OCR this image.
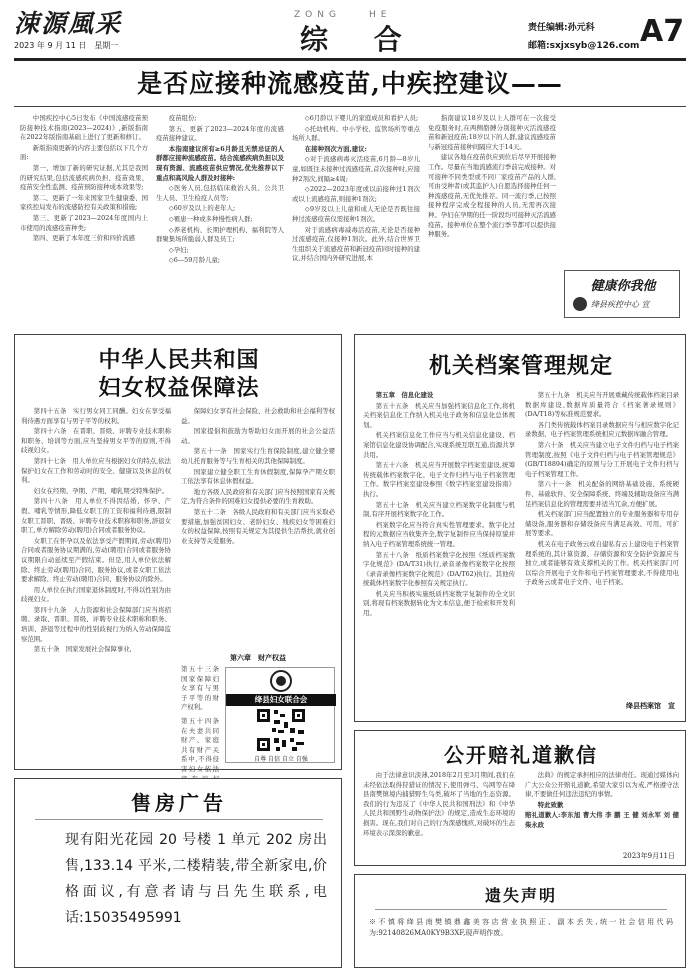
涑源風采
2023 年 9 月 11 日　星期一
ZONG　　HE
综 合	责任编辑:孙元科
邮箱:sxjxsyb@126.com A7
是否应接种流感疫苗,中疾控建议——

中国疾控中心5日发布《中国流感疫苗预防接种技术指南(2023—2024)》,新版指南在2022年版指南基础上进行了更新和修订。

新版指南更新的内容主要包括以下几个方面:

第一、增加了新的研究证据,尤其是我国的研究结果,包括流感疾病负担、疫苗效果、疫苗安全性监测、疫苗预防接种成本效果等;

第二、更新了一年来国家卫生健康委、国家疾控局发布的流感防控有关政策和措施;

第三、更新了2023—2024年度国内上市使用的流感疫苗种类;

第四、更新了本年度三价和四价流感

疫苗组份;

第五、更新了2023—2024年度的流感疫苗接种建议。

本指南建议所有≥6月龄且无禁忌证的人群都应接种流感疫苗。结合流感疾病负担以及现有资源、流感疫苗供应情况,优先推荐以下重点和高风险人群及时接种:

◇医务人员,包括临床救治人员、公共卫生人员、卫生检疫人员等;

◇60岁及以上的老年人;

◇罹患一种或多种慢性病人群;

◇养老机构、长期护理机构、福利院等人群聚集场所脆弱人群及员工;

◇孕妇;

◇6—59月龄儿童;

◇6月龄以下婴儿的家庭成员和看护人员;

◇托幼机构、中小学校、监管场所等重点场所人群。

在接种剂次方面,建议:

◇对于流感病毒灭活疫苗,6月龄—8岁儿童,如既往未接种过流感疫苗,首次接种时,应接种2剂次,间隔≥4周;

◇2022—2023年度或以前接种过1剂次或以上流感疫苗,则接种1剂次;

◇9岁及以上儿童和成人无论是否既往接种过流感疫苗仅需接种1剂次。

对于流感病毒减毒活疫苗,无论是否接种过流感疫苗,仅接种1剂次。此外,结合世界卫生组织关于流感疫苗和新冠疫苗同时接种的建议,并结合国内外研究进展,本

指南建议18岁及以上人群可在一次接受免疫服务时,在两侧胳膊分别接种灭活流感疫苗和新冠疫苗;18岁以下的人群,建议流感疫苗与新冠疫苗接种间隔应大于14天。

建议各地在疫苗供应到位后尽早开展接种工作。尽量在当地流感流行季前完成接种。对可接种不同类型或不同厂家疫苗产品的人群,可由受种者(或其监护人)自愿选择接种任何一种流感疫苗,无优先推荐。同一流行季,已按照接种程序完成全程接种的人员,无需再次接种。孕妇在孕期的任一阶段均可接种灭活流感疫苗。接种单位在整个流行季节都可以提供接种服务。

健康你我他
绛县疾控中心 宣
中华人民共和国
妇女权益保障法

第四十五条　实行男女同工同酬。妇女在享受福利待遇方面享有与男子平等的权利。

第四十六条　在晋职、晋级、评聘专业技术职称和职务、培训等方面,应当坚持男女平等的原则,不得歧视妇女。

第四十七条　用人单位应当根据妇女的特点,依法保护妇女在工作和劳动时的安全、健康以及休息的权利。

妇女在经期、孕期、产期、哺乳期受特殊保护。

第四十八条　用人单位不得因结婚、怀孕、产假、哺乳等情形,降低女职工的工资和福利待遇,限制女职工晋职、晋级、评聘专业技术职称和职务,辞退女职工,单方解除劳动(聘用)合同或者服务协议。

女职工在怀孕以及依法享受产假期间,劳动(聘用)合同或者服务协议期满的,劳动(聘用)合同或者服务协议期限自动延续至产假结束。但是,用人单位依法解除、终止劳动(聘用)合同、服务协议,或者女职工依法要求解除、终止劳动(聘用)合同、服务协议的除外。

用人单位在执行国家退休制度时,不得以性别为由歧视妇女。

第四十九条　人力资源和社会保障部门应当将招聘、录取、晋职、晋级、评聘专业技术职称和职务、培训、辞退等过程中的性别歧视行为纳入劳动保障监察范围。

第五十条　国家发展社会保障事业,

保障妇女享有社会保险、社会救助和社会福利等权益。

国家提倡和鼓励为帮助妇女而开展的社会公益活动。

第五十一条　国家实行生育保险制度,建立健全婴幼儿托育服务等与生育相关的其他保障制度。

国家建立健全职工生育休假制度,保障孕产期女职工依法享有休息休假权益。

地方各级人民政府和有关部门应当按照国家有关规定,为符合条件的困难妇女提供必要的生育救助。

第五十二条　各级人民政府和有关部门应当采取必要措施,加强贫困妇女、老龄妇女、残疾妇女等困难妇女的权益保障,按照有关规定为其提供生活帮扶,就业创业支持等关爱服务。

第六章　财产权益

第五十三条　国家保障妇女享有与男子平等的财产权利。

第五十四条　在夫妻共同财产、家庭共有财产关系中,不得侵害妇女依法

绛县妇女联合会
自尊 自信 自立 自强
机关档案管理规定

第五章　信息化建设

第五十五条　机关应当加强档案信息化工作,将机关档案信息化工作纳入机关电子政务和信息化总体规划。

机关档案信息化工作应当与机关信息化建设、档案馆信息化建设协调配合,实现系统互联互通,资源共享共用。

第五十六条　机关应当开展数字档案室建设,统筹传统载体档案数字化、电子文件归档与电子档案管理工作。数字档案室建设参照《数字档案室建设指南》执行。

第五十七条　机关应当建立档案数字化制度与机制,有序开展档案数字化工作。

档案数字化应当符合真实性管理要求。数字化过程的元数据应当收集齐全,数字复制件应当保持原貌并纳入电子档案管理系统统一管理。

第五十八条　纸质档案数字化按照《纸质档案数字化规范》(DA/T31)执行,录音录像档案数字化按照《录音录像档案数字化规范》(DA/T62)执行。其他传统载体档案数字化参照有关规定执行。

机关应当积极实施纸质档案数字复制件的全文识别,将现有档案数据转化为文本信息,便于检索和开发利用。

第五十九条　机关应当开展重藏传统载体档案目录数据库建设,数据库质量符合《档案著录规则》(DA/T18)等标准规范要求。

各门类传统载体档案目录数据应当与相应数字化记录数据、电子档案管理系统相应元数据库融合管理。

第六十条　机关应当建立电子文件归档与电子档案管理制度,按照《电子文件归档与电子档案管理规范》(GB/T18894)确定的原则与分工开展电子文件归档与电子档案管理工作。

第六十一条　机关配备的网络基础设施、系统硬件、基础软件、安全保障系统、终端及辅助设备应当满足档案信息化的管理需要并适当冗余,方便扩展。

机关档案部门应当配置独立的专业服务器和专用存储设备,服务器和存储设备应当满足高效、可用、可扩展等要求。

机关在电子政务云或自建私有云上建设电子档案管理系统的,其计算资源、存储资源和安全防护资源应当独立,或者能够有效支撑机关的工作。机关档案部门可以综合开展电子文件和电子档案管理要求,不得使用电子政务云或者电子文件、电子档案。

绛县档案馆　宣
公开赔礼道歉信

由于法律意识淡薄,2018年2月至3月期间,我们在未经依法取得狩猎证的情况下,使用弹弓、鸟网等在绛县南樊镇境内捕猎野生鸟类,破坏了当地的生态资源。我们的行为违反了《中华人民共和国刑法》和《中华人民共和国野生动物保护法》的规定,造成生态环境的损害。现在,我们对自己的行为深感愧疚,对破坏的生态环境表示深深的歉意。

法典》的规定承担相应的法律责任。现通过媒体向广大公众公开赔礼道歉,希望大家引以为戒,严格遵守法律,不要做任何违法违纪的事情。

特此致歉

赔礼道歉人:李东旭 曹大伟 李 鹏 王 健 刘永军 刘 健 柴永政

2023年9月11日
售房广告
现有阳光花园 20 号楼 1 单元 202 房出售,133.14 平米,二楼精装,带全新家电,价格面议,有意者请与吕先生联系,电话:15035495991
遗失声明
※不慎将绛县南樊镇鼎鑫美容店营业执照正、副本丢失,统一社会信用代码为:92140826MA0KY9B3XF,现声明作废。
